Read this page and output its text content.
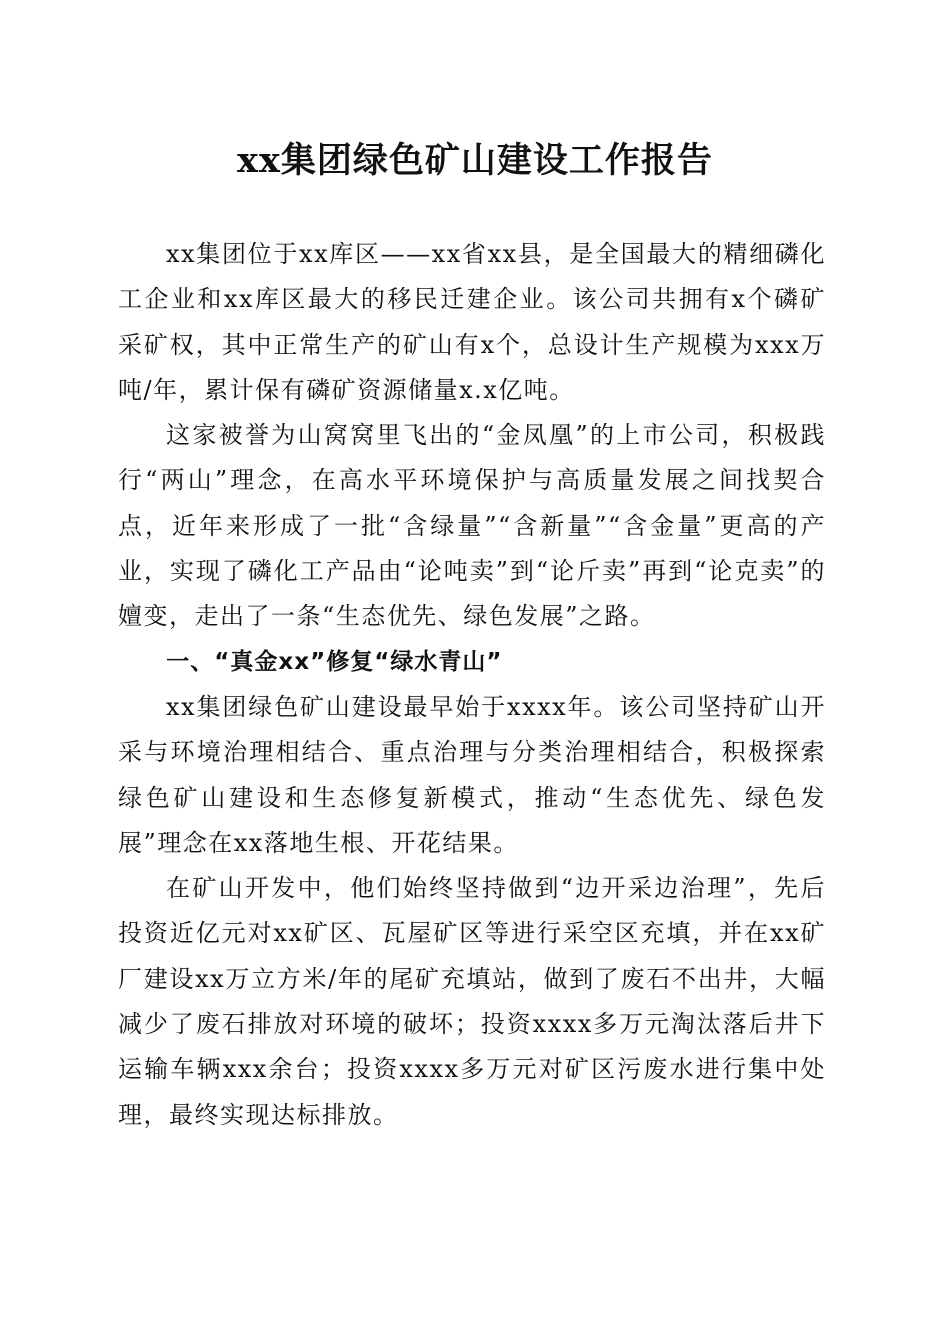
xx集团绿色矿山建设工作报告

xx集团位于xx库区——xx省xx县，是全国最大的精细磷化工企业和xx库区最大的移民迁建企业。该公司共拥有x个磷矿采矿权，其中正常生产的矿山有x个，总设计生产规模为xxx万吨/年，累计保有磷矿资源储量x.x亿吨。

这家被誉为山窝窝里飞出的“金凤凰”的上市公司，积极践行“两山”理念，在高水平环境保护与高质量发展之间找契合点，近年来形成了一批“含绿量”“含新量”“含金量”更高的产业，实现了磷化工产品由“论吨卖”到“论斤卖”再到“论克卖”的嬗变，走出了一条“生态优先、绿色发展”之路。

一、“真金xx”修复“绿水青山”

xx集团绿色矿山建设最早始于xxxx年。该公司坚持矿山开采与环境治理相结合、重点治理与分类治理相结合，积极探索绿色矿山建设和生态修复新模式，推动“生态优先、绿色发展”理念在xx落地生根、开花结果。

在矿山开发中，他们始终坚持做到“边开采边治理”，先后投资近亿元对xx矿区、瓦屋矿区等进行采空区充填，并在xx矿厂建设xx万立方米/年的尾矿充填站，做到了废石不出井，大幅减少了废石排放对环境的破坏；投资xxxx多万元淘汰落后井下运输车辆xxx余台；投资xxxx多万元对矿区污废水进行集中处理，最终实现达标排放。
